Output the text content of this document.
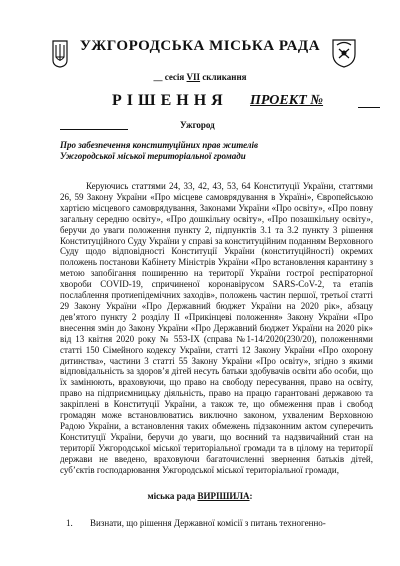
УЖГОРОДСЬКА МІСЬКА РАДА
__ сесія VII скликання
РІШЕННЯ ПРОЕКТ №
Ужгород
Про забезпечення конституційних прав жителів Ужгородської міської територіальної громади
Керуючись статтями 24, 33, 42, 43, 53, 64 Конституції України, статтями 26, 59 Закону України «Про місцеве самоврядування в Україні», Європейською хартією місцевого самоврядування, Законами України «Про освіту», «Про повну загальну середню освіту», «Про дошкільну освіту», «Про позашкільну освіту», беручи до уваги положення пункту 2, підпунктів 3.1 та 3.2 пункту 3 рішення Конституційного Суду України у справі за конституційним поданням Верховного Суду щодо відповідності Конституції України (конституційності) окремих положень постанови Кабінету Міністрів України «Про встановлення карантину з метою запобігання поширенню на території України гострої респіраторної хвороби COVID-19, спричиненої коронавірусом SARS-CoV-2, та етапів послаблення протиепідемічних заходів», положень частин першої, третьої статті 29 Закону України «Про Державний бюджет України на 2020 рік», абзацу дев’ятого пункту 2 розділу II «Прикінцеві положення» Закону України «Про внесення змін до Закону України «Про Державний бюджет України на 2020 рік» від 13 квітня 2020 року № 553-IX (справа №1-14/2020(230/20), положеннями статті 150 Сімейного кодексу України, статті 12 Закону України «Про охорону дитинства», частини 3 статті 55 Закону України «Про освіту», згідно з якими відповідальність за здоров’я дітей несуть батьки здобувачів освіти або особи, що їх замінюють, враховуючи, що право на свободу пересування, право на освіту, право на підприємницьку діяльність, право на працю гарантовані державою та закріплені в Конституції України, а також те, що обмеження прав і свобод громадян може встановлюватись виключно законом, ухваленим Верховною Радою України, а встановлення таких обмежень підзаконним актом суперечить Конституції України, беручи до уваги, що воєнний та надзвичайний стан на території Ужгородської міської територіальної громади та в цілому на території держави не введено, враховуючи багаточисленні звернення батьків дітей, суб’єктів господарювання Ужгородської міської територіальної громади,
міська рада ВИРІШИЛА:
1. Визнати, що рішення Державної комісії з питань техногенно-
